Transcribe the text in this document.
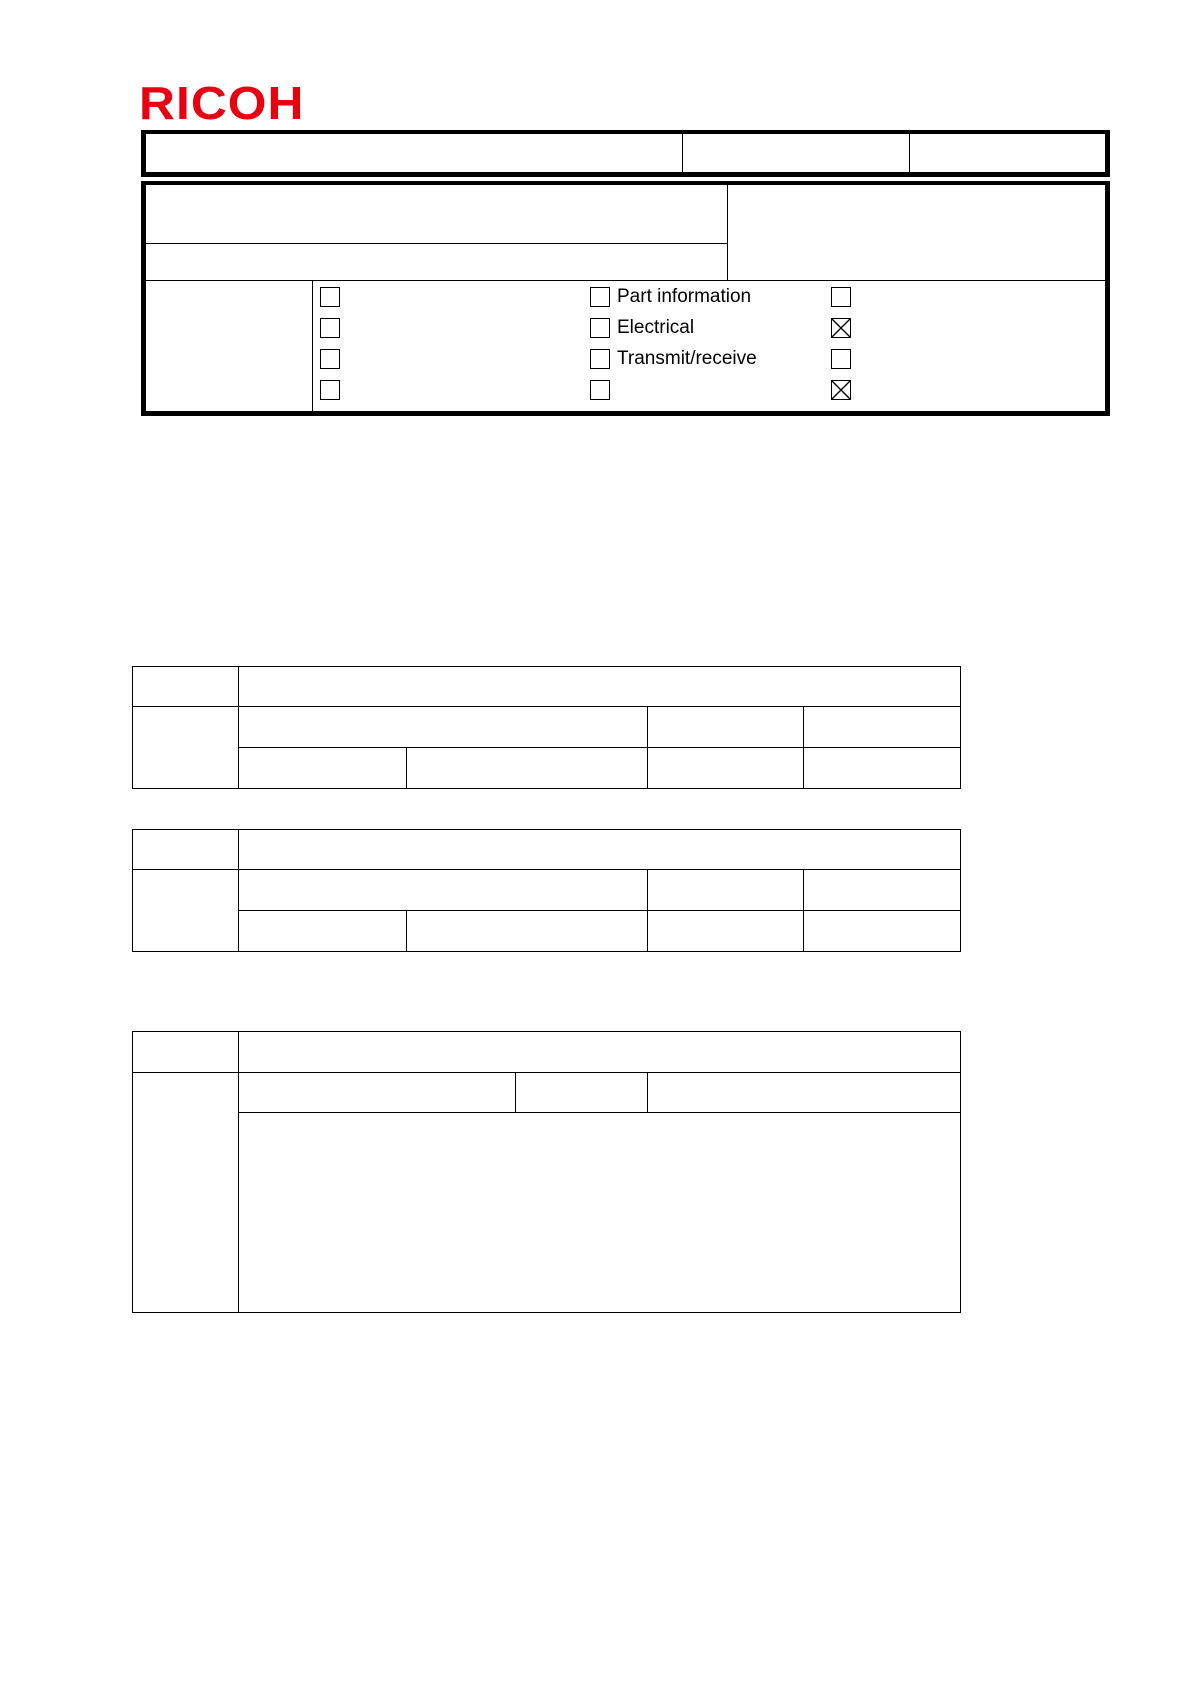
RICOH
Part information
Electrical
Transmit/receive
